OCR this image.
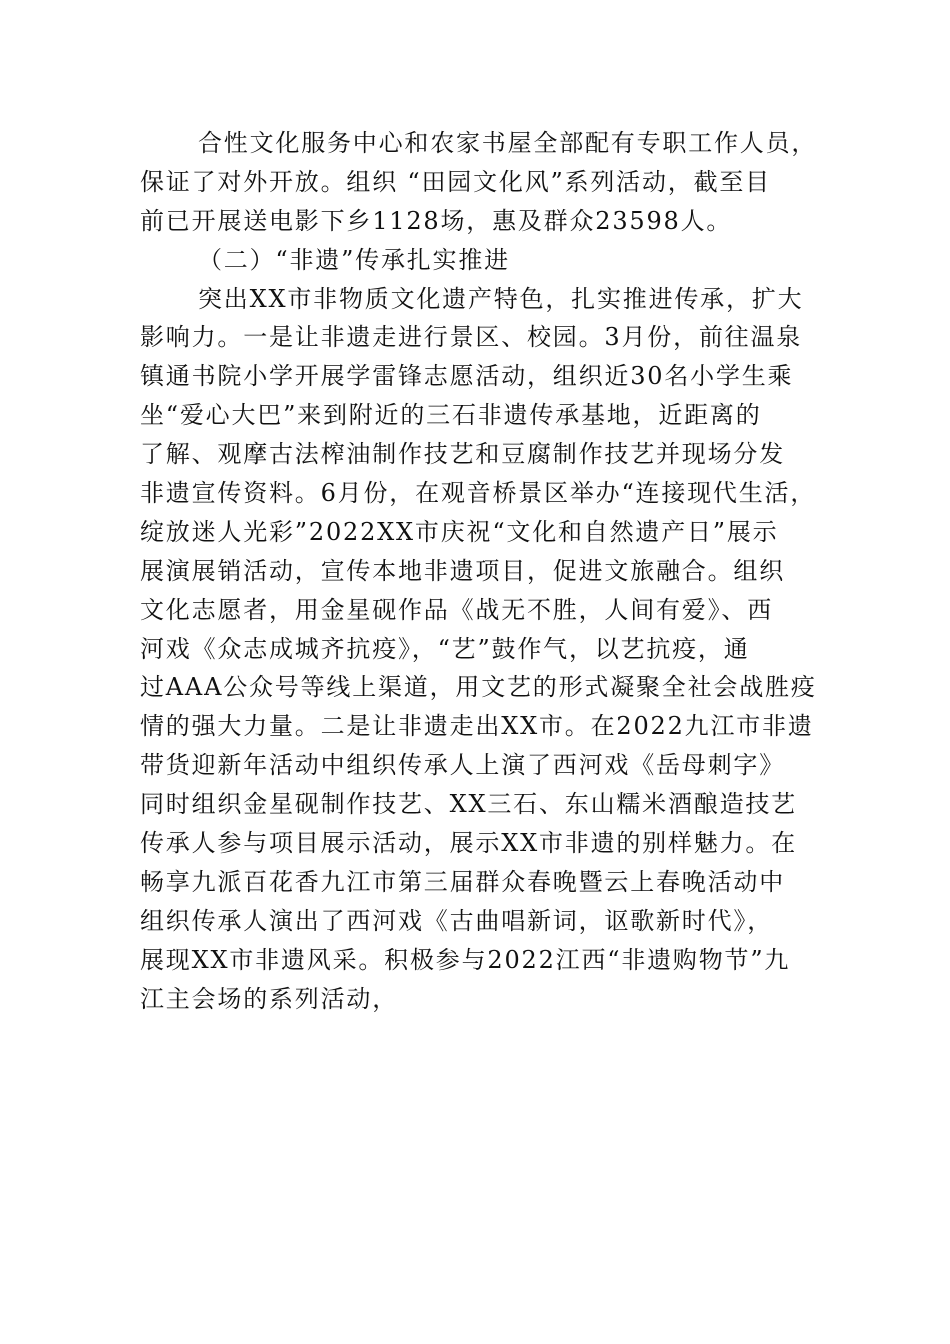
合性文化服务中心和农家书屋全部配有专职工作人员，
保证了对外开放。组织 “田园文化风”系列活动，截至目
前已开展送电影下乡1128场，惠及群众23598人。
（二）“非遗”传承扎实推进
突出XX市非物质文化遗产特色，扎实推进传承，扩大
影响力。一是让非遗走进行景区、校园。3月份，前往温泉
镇通书院小学开展学雷锋志愿活动，组织近30名小学生乘
坐“爱心大巴”来到附近的三石非遗传承基地，近距离的
了解、观摩古法榨油制作技艺和豆腐制作技艺并现场分发
非遗宣传资料。6月份，在观音桥景区举办“连接现代生活，
绽放迷人光彩”2022XX市庆祝“文化和自然遗产日”展示
展演展销活动，宣传本地非遗项目，促进文旅融合。组织
文化志愿者，用金星砚作品《战无不胜，人间有爱》、西
河戏《众志成城齐抗疫》，“艺”鼓作气，以艺抗疫，通
过AAA公众号等线上渠道，用文艺的形式凝聚全社会战胜疫
情的强大力量。二是让非遗走出XX市。在2022九江市非遗
带货迎新年活动中组织传承人上演了西河戏《岳母刺字》
同时组织金星砚制作技艺、XX三石、东山糯米酒酿造技艺
传承人参与项目展示活动，展示XX市非遗的别样魅力。在
畅享九派百花香九江市第三届群众春晚暨云上春晚活动中
组织传承人演出了西河戏《古曲唱新词，讴歌新时代》，
展现XX市非遗风采。积极参与2022江西“非遗购物节”九
江主会场的系列活动，
